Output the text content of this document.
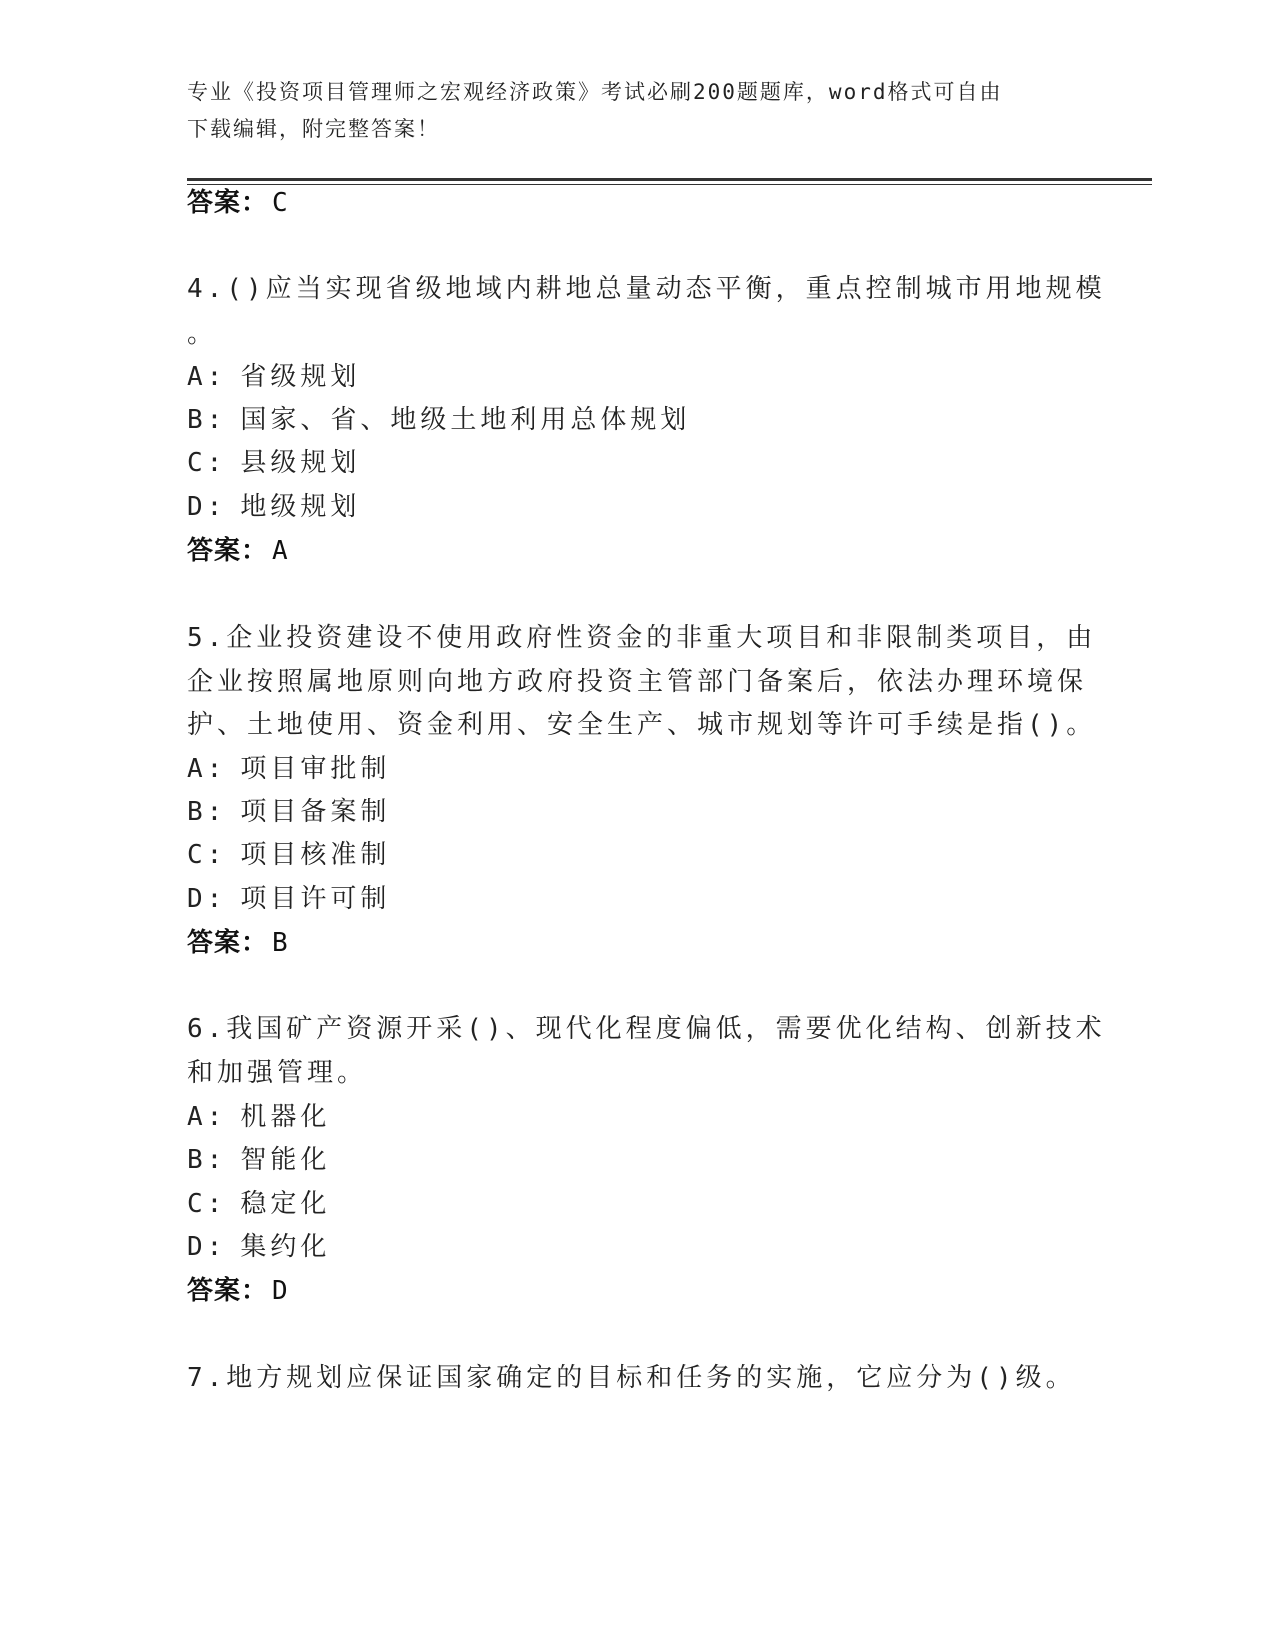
专业《投资项目管理师之宏观经济政策》考试必刷200题题库，word格式可自由
下载编辑，附完整答案！
答案： C
4.()应当实现省级地域内耕地总量动态平衡，重点控制城市用地规模
。
A: 省级规划
B: 国家、省、地级土地利用总体规划
C: 县级规划
D: 地级规划
答案： A
5.企业投资建设不使用政府性资金的非重大项目和非限制类项目，由
企业按照属地原则向地方政府投资主管部门备案后，依法办理环境保
护、土地使用、资金利用、安全生产、城市规划等许可手续是指()。
A: 项目审批制
B: 项目备案制
C: 项目核准制
D: 项目许可制
答案： B
6.我国矿产资源开采()、现代化程度偏低，需要优化结构、创新技术
和加强管理。
A: 机器化
B: 智能化
C: 稳定化
D: 集约化
答案： D
7.地方规划应保证国家确定的目标和任务的实施，它应分为()级。
